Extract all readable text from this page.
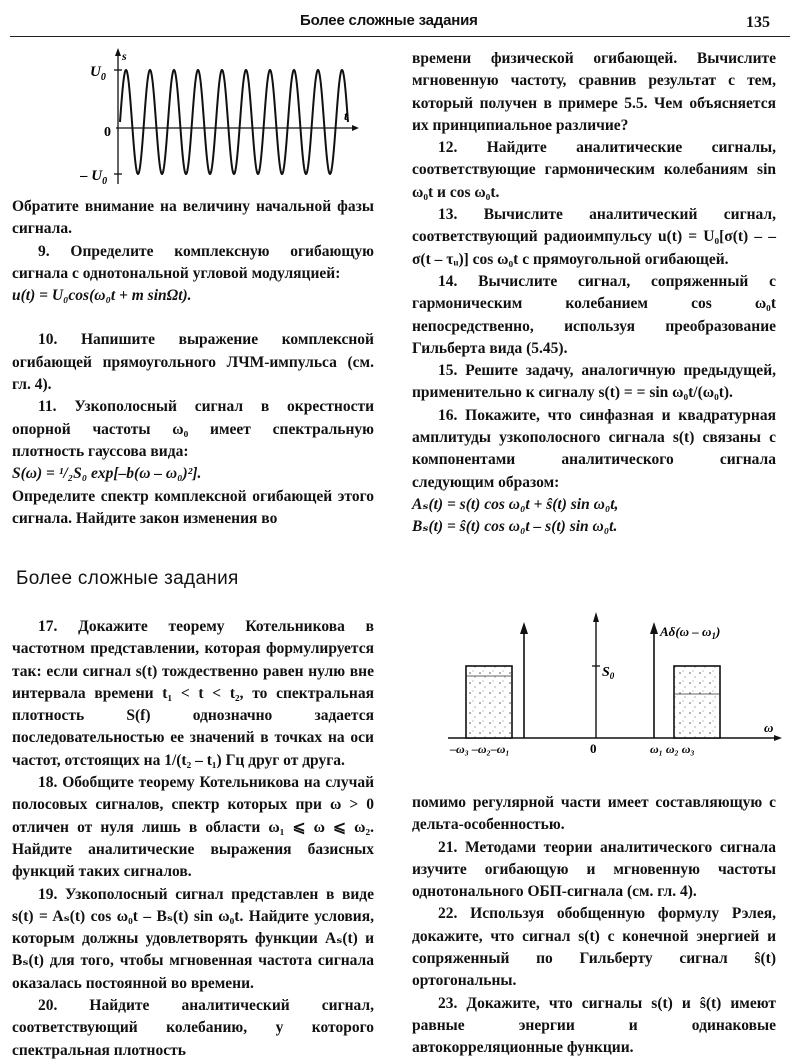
Более сложные задания	135
$U_0$
s
t
0
– $U_0$

Обратите внимание на величину начальной фазы сигнала.

9. Определите комплексную огибающую сигнала с однотональной угловой модуляцией:

u(t) = U₀cos(ω₀t + m sinΩt).

10. Напишите выражение комплексной огибающей прямоугольного ЛЧМ-импульса (см. гл. 4).

11. Узкополосный сигнал в окрестности опорной частоты ω₀ имеет спектральную плотность гауссова вида:

S(ω) = ¹/₂S₀ exp[–b(ω – ω₀)²].

Определите спектр комплексной огибающей этого сигнала. Найдите закон изменения во

времени физической огибающей. Вычислите мгновенную частоту, сравнив результат с тем, который получен в примере 5.5. Чем объясняется их принципиальное различие?

12. Найдите аналитические сигналы, соответствующие гармоническим колебаниям sin ω₀t и cos ω₀t.

13. Вычислите аналитический сигнал, соответствующий радиоимпульсу u(t) = U₀[σ(t) – – σ(t – τᵤ)] cos ω₀t с прямоугольной огибающей.

14. Вычислите сигнал, сопряженный с гармоническим колебанием cos ω₀t непосредственно, используя преобразование Гильберта вида (5.45).

15. Решите задачу, аналогичную предыдущей, применительно к сигналу s(t) = = sin ω₀t/(ω₀t).

16. Покажите, что синфазная и квадратурная амплитуды узкополосного сигнала s(t) связаны с компонентами аналитического сигнала следующим образом:

Aₛ(t) = s(t) cos ω₀t + ŝ(t) sin ω₀t,

Bₛ(t) = ŝ(t) cos ω₀t – s(t) sin ω₀t.

Более сложные задания

17. Докажите теорему Котельникова в частотном представлении, которая формулируется так: если сигнал s(t) тождественно равен нулю вне интервала времени t₁ < t < t₂, то спектральная плотность S(f) однозначно задается последовательностью ее значений в точках на оси частот, отстоящих на 1/(t₂ – t₁) Гц друг от друга.

18. Обобщите теорему Котельникова на случай полосовых сигналов, спектр которых при ω > 0 отличен от нуля лишь в области ω₁ ⩽ ω ⩽ ω₂. Найдите аналитические выражения базисных функций таких сигналов.

19. Узкополосный сигнал представлен в виде s(t) = Aₛ(t) cos ω₀t – Bₛ(t) sin ω₀t. Найдите условия, которым должны удовлетворять функции Aₛ(t) и Bₛ(t) для того, чтобы мгновенная частота сигнала оказалась постоянной во времени.

20. Найдите аналитический сигнал, соответствующий колебанию, у которого спектральная плотность

$A\delta(\omega - \omega_1)$
$S_0$
ω
–ω₃ –ω₂–ω₁	0	ω₁ ω₂ ω₃

помимо регулярной части имеет составляющую с дельта-особенностью.

21. Методами теории аналитического сигнала изучите огибающую и мгновенную частоты однотонального ОБП-сигнала (см. гл. 4).

22. Используя обобщенную формулу Рэлея, докажите, что сигнал s(t) с конечной энергией и сопряженный по Гильберту сигнал ŝ(t) ортогональны.

23. Докажите, что сигналы s(t) и ŝ(t) имеют равные энергии и одинаковые автокорреляционные функции.
